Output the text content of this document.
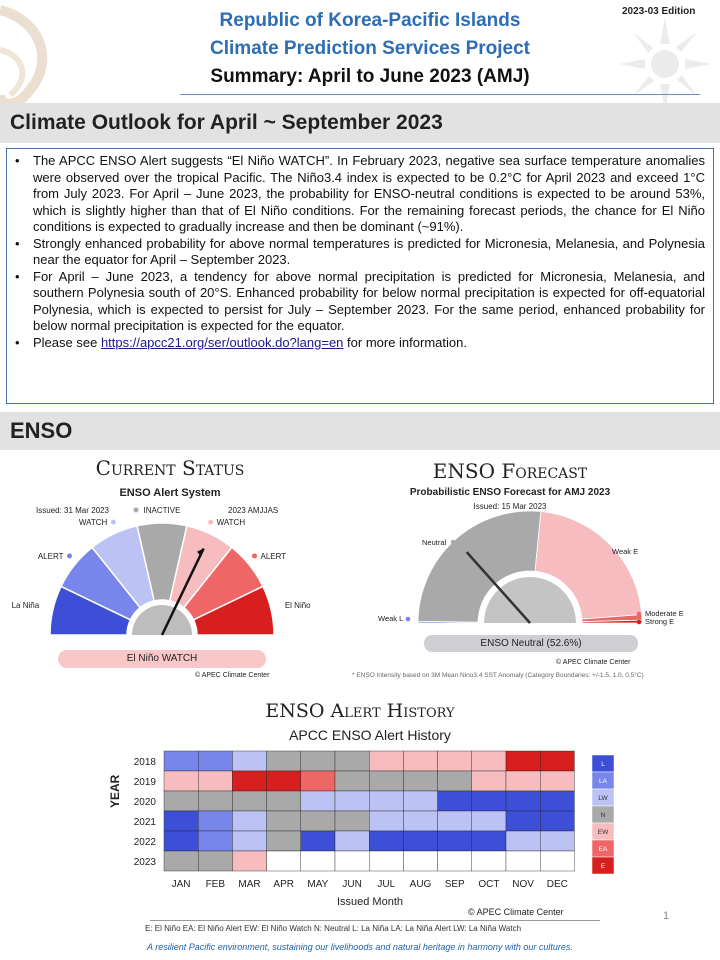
Republic of Korea-Pacific Islands
Climate Prediction Services Project
Summary: April to June 2023 (AMJ)
2023-03 Edition
Climate Outlook for April ~ September 2023
• The APCC ENSO Alert suggests “El Niño WATCH”. In February 2023, negative sea surface temperature anomalies were observed over the tropical Pacific. The Niño3.4 index is expected to be 0.2°C for April 2023 and exceed 1°C from July 2023. For April – June 2023, the probability for ENSO-neutral conditions is expected to be around 53%, which is slightly higher than that of El Niño conditions. For the remaining forecast periods, the chance for El Niño conditions is expected to gradually increase and then be dominant (~91%).
• Strongly enhanced probability for above normal temperatures is predicted for Micronesia, Melanesia, and Polynesia near the equator for April – September 2023.
• For April – June 2023, a tendency for above normal precipitation is predicted for Micronesia, Melanesia, and southern Polynesia south of 20°S. Enhanced probability for below normal precipitation is expected for off-equatorial Polynesia, which is expected to persist for July – September 2023. For the same period, enhanced probability for below normal precipitation is expected for the equator.
• Please see https://apcc21.org/ser/outlook.do?lang=en for more information.
ENSO
Current Status
ENSO Alert System
Issued: 31 Mar 2023	2023 AMJJAS
La Niña
ALERT
WATCH
INACTIVE
WATCH
ALERT
El Niño
El Niño WATCH
© APEC Climate Center
ENSO Forecast
Probabilistic ENSO Forecast for AMJ 2023
Issued: 15 Mar 2023
Weak L
Neutral
Weak E
Moderate E
Strong E
ENSO Neutral (52.6%)
© APEC Climate Center
* ENSO Intensity based on 3M Mean Nino3.4 SST Anomaly (Category Boundaries: +/-1.5, 1.0, 0.5°C)
ENSO Alert History
APCC ENSO Alert History
2018
2019
2020
2021
2022
2023
JAN FEB MAR APR MAY JUN JUL AUG SEP OCT NOV DEC
L
LA
LW
N
EW
EA
E
YEAR
Issued Month
© APEC Climate Center	1
E: El Niño EA: El Niño Alert EW: El Niño Watch N: Neutral L: La Niña LA: La Niña Alert LW: La Niña Watch
A resilient Pacific environment, sustaining our livelihoods and natural heritage in harmony with our cultures.
